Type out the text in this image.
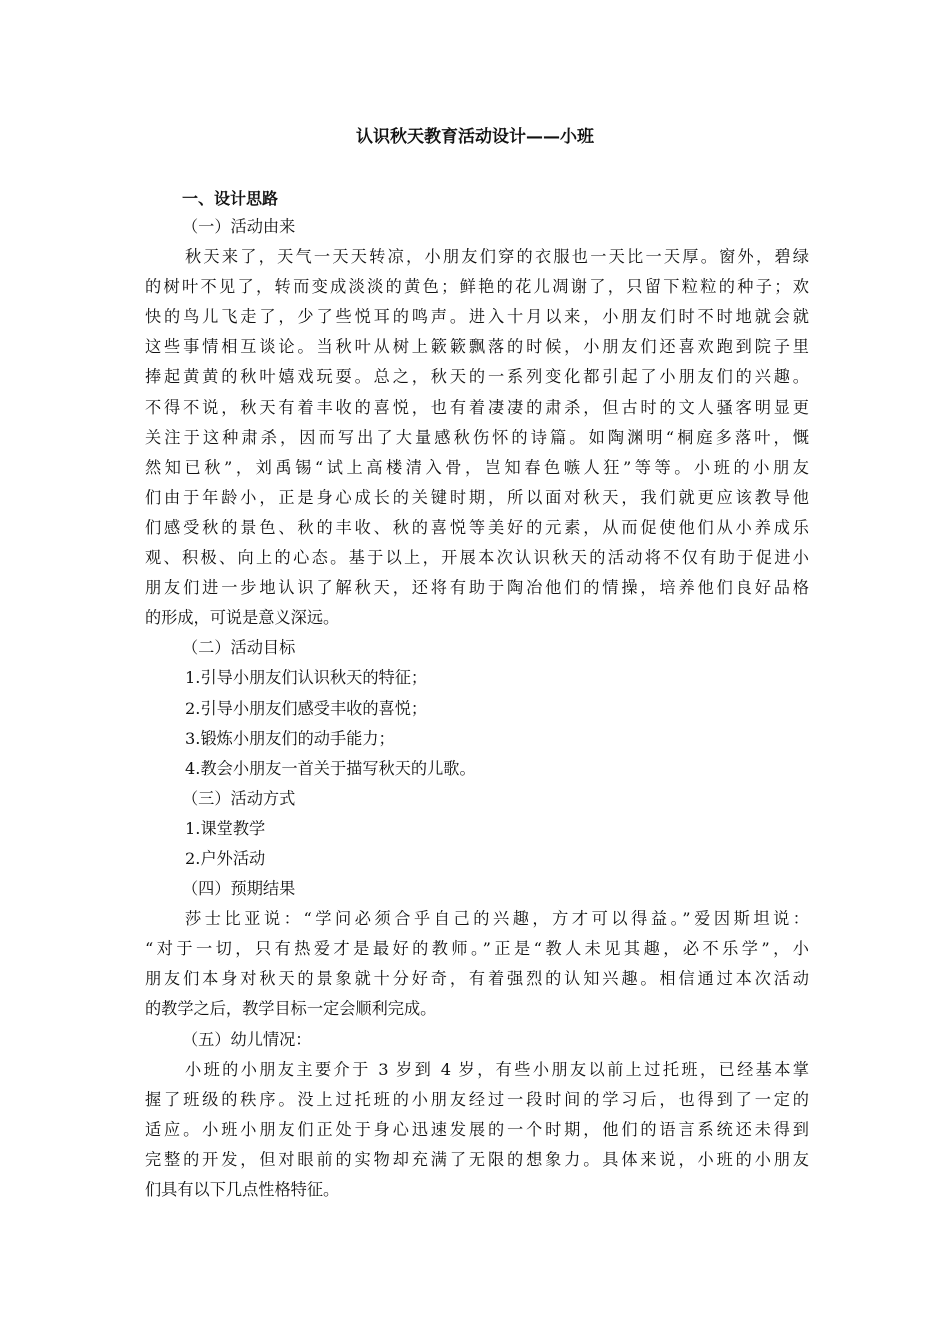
认识秋天教育活动设计——小班
一、设计思路
（一）活动由来
秋天来了，天气一天天转凉，小朋友们穿的衣服也一天比一天厚。窗外，碧绿
的树叶不见了，转而变成淡淡的黄色；鲜艳的花儿凋谢了，只留下粒粒的种子；欢
快的鸟儿飞走了，少了些悦耳的鸣声。进入十月以来，小朋友们时不时地就会就
这些事情相互谈论。当秋叶从树上簌簌飘落的时候，小朋友们还喜欢跑到院子里
捧起黄黄的秋叶嬉戏玩耍。总之，秋天的一系列变化都引起了小朋友们的兴趣。
不得不说，秋天有着丰收的喜悦，也有着凄凄的肃杀，但古时的文人骚客明显更
关注于这种肃杀，因而写出了大量感秋伤怀的诗篇。如陶渊明“桐庭多落叶，慨
然知已秋”，刘禹锡“试上高楼清入骨，岂知春色嗾人狂”等等。小班的小朋友
们由于年龄小，正是身心成长的关键时期，所以面对秋天，我们就更应该教导他
们感受秋的景色、秋的丰收、秋的喜悦等美好的元素，从而促使他们从小养成乐
观、积极、向上的心态。基于以上，开展本次认识秋天的活动将不仅有助于促进小
朋友们进一步地认识了解秋天，还将有助于陶冶他们的情操，培养他们良好品格
的形成，可说是意义深远。
（二）活动目标
1.引导小朋友们认识秋天的特征；
2.引导小朋友们感受丰收的喜悦；
3.锻炼小朋友们的动手能力；
4.教会小朋友一首关于描写秋天的儿歌。
（三）活动方式
1.课堂教学
2.户外活动
（四）预期结果
莎士比亚说：“学问必须合乎自己的兴趣，方才可以得益。”爱因斯坦说：
“对于一切，只有热爱才是最好的教师。”正是“教人未见其趣，必不乐学”，小
朋友们本身对秋天的景象就十分好奇，有着强烈的认知兴趣。相信通过本次活动
的教学之后，教学目标一定会顺利完成。
（五）幼儿情况：
小班的小朋友主要介于 3 岁到 4 岁，有些小朋友以前上过托班，已经基本掌
握了班级的秩序。没上过托班的小朋友经过一段时间的学习后，也得到了一定的
适应。小班小朋友们正处于身心迅速发展的一个时期，他们的语言系统还未得到
完整的开发，但对眼前的实物却充满了无限的想象力。具体来说，小班的小朋友
们具有以下几点性格特征。
